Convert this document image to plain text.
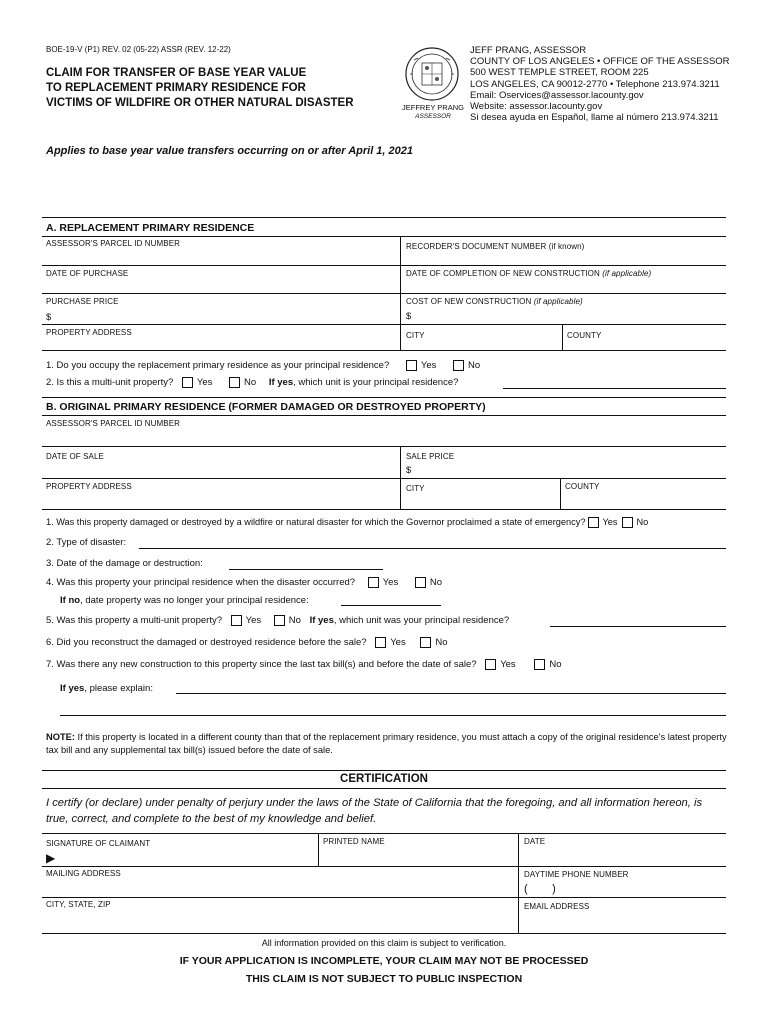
BOE-19-V (P1) REV. 02 (05-22) ASSR (REV. 12-22)
CLAIM FOR TRANSFER OF BASE YEAR VALUE
TO REPLACEMENT PRIMARY RESIDENCE FOR
VICTIMS OF WILDFIRE OR OTHER NATURAL DISASTER	JEFFREY PRANG
ASSESSOR
JEFF PRANG, ASSESSOR
COUNTY OF LOS ANGELES • OFFICE OF THE ASSESSOR
500 WEST TEMPLE STREET, ROOM 225
LOS ANGELES, CA 90012-2770 • Telephone 213.974.3211
Email: Oservices@assessor.lacounty.gov
Website: assessor.lacounty.gov
Si desea ayuda en Español, llame al número 213.974.3211
Applies to base year value transfers occurring on or after April 1, 2021
A. REPLACEMENT PRIMARY RESIDENCE
ASSESSOR'S PARCEL ID NUMBER	RECORDER'S DOCUMENT NUMBER (if known)
DATE OF PURCHASE	DATE OF COMPLETION OF NEW CONSTRUCTION (if applicable)
PURCHASE PRICE	COST OF NEW CONSTRUCTION (if applicable)
$	$
PROPERTY ADDRESS	CITY	COUNTY
1. Do you occupy the replacement primary residence as your principal residence?	Yes	No
2. Is this a multi-unit property? Yes	No If yes, which unit is your principal residence?
B. ORIGINAL PRIMARY RESIDENCE (FORMER DAMAGED OR DESTROYED PROPERTY)
ASSESSOR'S PARCEL ID NUMBER
DATE OF SALE	SALE PRICE
$
PROPERTY ADDRESS	CITY	COUNTY
1. Was this property damaged or destroyed by a wildfire or natural disaster for which the Governor proclaimed a state of emergency? Yes No
2. Type of disaster:
3. Date of the damage or destruction:
4. Was this property your principal residence when the disaster occurred?	Yes	No
If no, date property was no longer your principal residence:
5. Was this property a multi-unit property? Yes	No If yes, which unit was your principal residence?
6. Did you reconstruct the damaged or destroyed residence before the sale? Yes	No
7. Was there any new construction to this property since the last tax bill(s) and before the date of sale? Yes	No
If yes, please explain:
NOTE: If this property is located in a different county than that of the replacement primary residence, you must attach a copy of the original residence's latest property tax bill and any supplemental tax bill(s) issued before the date of sale.
CERTIFICATION
I certify (or declare) under penalty of perjury under the laws of the State of California that the foregoing, and all information hereon, is true, correct, and complete to the best of my knowledge and belief.
SIGNATURE OF CLAIMANT
▶
PRINTED NAME	DATE
MAILING ADDRESS	DAYTIME PHONE NUMBER
(        )
CITY, STATE, ZIP	EMAIL ADDRESS
All information provided on this claim is subject to verification.
IF YOUR APPLICATION IS INCOMPLETE, YOUR CLAIM MAY NOT BE PROCESSED
THIS CLAIM IS NOT SUBJECT TO PUBLIC INSPECTION
